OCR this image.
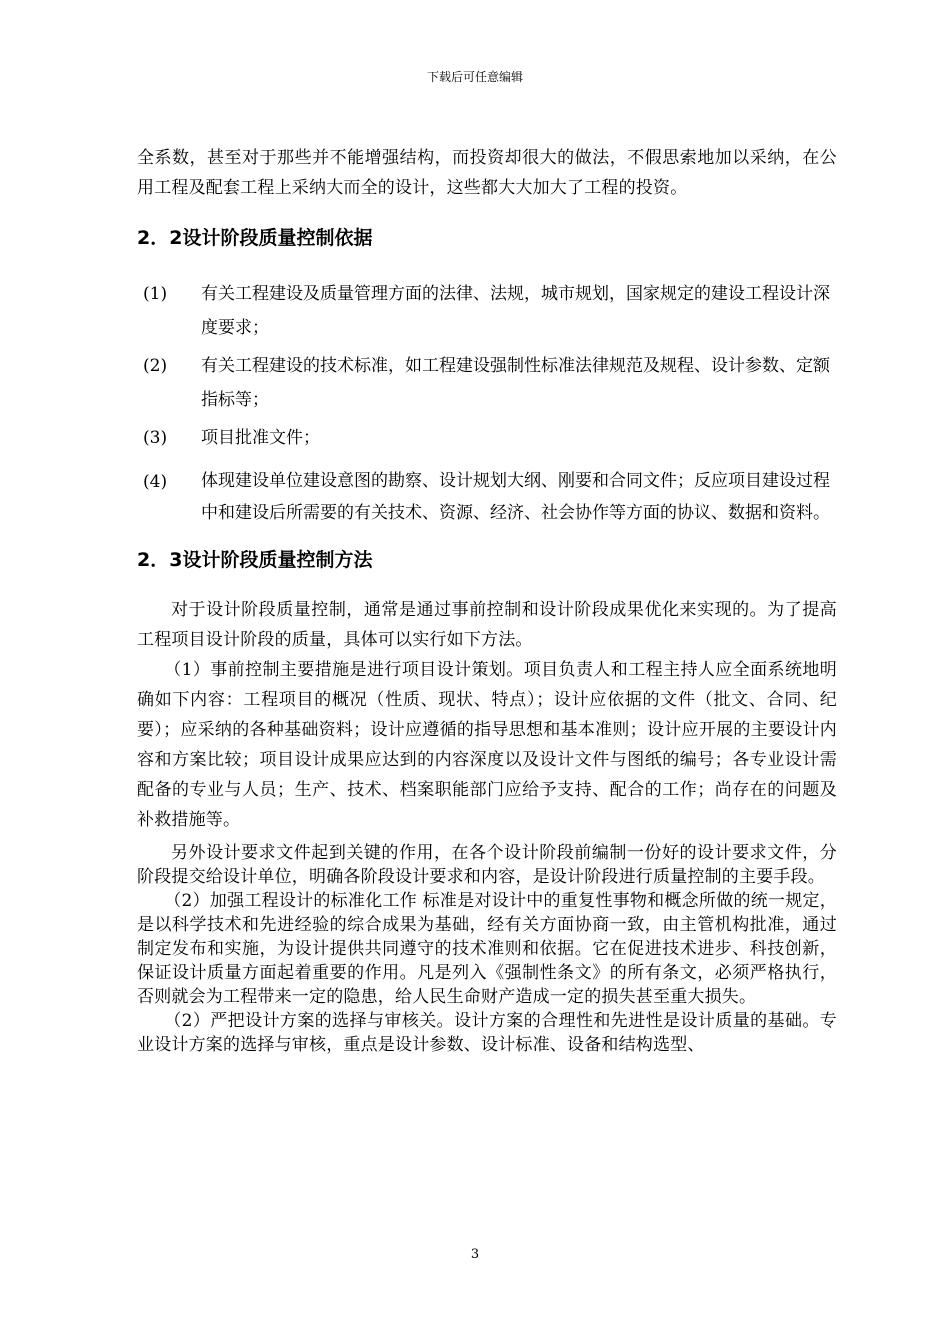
下载后可任意编辑

全系数，甚至对于那些并不能增强结构，而投资却很大的做法，不假思索地加以采纳，在公用工程及配套工程上采纳大而全的设计，这些都大大加大了工程的投资。

2．2设计阶段质量控制依据
(1)	有关工程建设及质量管理方面的法律、法规，城市规划，国家规定的建设工程设计深度要求；
(2)	有关工程建设的技术标准，如工程建设强制性标准法律规范及规程、设计参数、定额指标等；
(3)	项目批准文件；
(4)	体现建设单位建设意图的勘察、设计规划大纲、刚要和合同文件；反应项目建设过程中和建设后所需要的有关技术、资源、经济、社会协作等方面的协议、数据和资料。
2．3设计阶段质量控制方法

对于设计阶段质量控制，通常是通过事前控制和设计阶段成果优化来实现的。为了提高工程项目设计阶段的质量，具体可以实行如下方法。

（1）事前控制主要措施是进行项目设计策划。项目负责人和工程主持人应全面系统地明确如下内容：工程项目的概况（性质、现状、特点）；设计应依据的文件（批文、合同、纪要）；应采纳的各种基础资料；设计应遵循的指导思想和基本准则；设计应开展的主要设计内容和方案比较；项目设计成果应达到的内容深度以及设计文件与图纸的编号；各专业设计需配备的专业与人员；生产、技术、档案职能部门应给予支持、配合的工作；尚存在的问题及补救措施等。

另外设计要求文件起到关键的作用，在各个设计阶段前编制一份好的设计要求文件，分阶段提交给设计单位，明确各阶段设计要求和内容，是设计阶段进行质量控制的主要手段。

（2）加强工程设计的标准化工作 标准是对设计中的重复性事物和概念所做的统一规定，是以科学技术和先进经验的综合成果为基础，经有关方面协商一致，由主管机构批准，通过制定发布和实施，为设计提供共同遵守的技术准则和依据。它在促进技术进步、科技创新，保证设计质量方面起着重要的作用。凡是列入《强制性条文》的所有条文，必须严格执行，否则就会为工程带来一定的隐患，给人民生命财产造成一定的损失甚至重大损失。

（2）严把设计方案的选择与审核关。设计方案的合理性和先进性是设计质量的基础。专业设计方案的选择与审核，重点是设计参数、设计标准、设备和结构选型、

3
